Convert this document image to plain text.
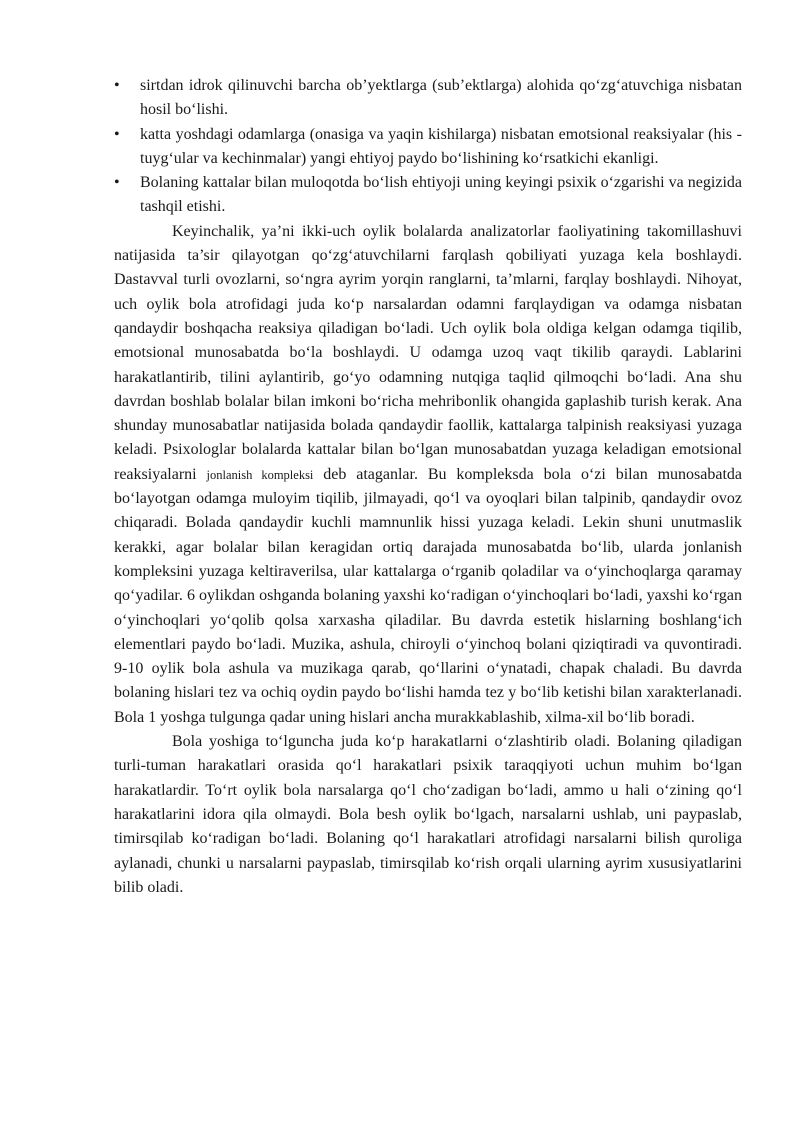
•	sirtdan idrok qilinuvchi barcha ob’yektlarga (sub’ektlarga) alohida qo‘zg‘atuvchiga nisbatan hosil bo‘lishi.
•	katta yoshdagi odamlarga (onasiga va yaqin kishilarga) nisbatan emotsional reaksiyalar (his -tuyg‘ular va kechinmalar) yangi ehtiyoj paydo bo‘lishining ko‘rsatkichi ekanligi.
•	Bolaning kattalar bilan muloqotda bo‘lish ehtiyoji uning keyingi psixik o‘zgarishi va negizida tashqil etishi.

Keyinchalik, ya’ni ikki-uch oylik bolalarda analizatorlar faoliyatining takomillashuvi natijasida ta’sir qilayotgan qo‘zg‘atuvchilarni farqlash qobiliyati yuzaga kela boshlaydi. Dastavval turli ovozlarni, so‘ngra ayrim yorqin ranglarni, ta’mlarni, farqlay boshlaydi. Nihoyat, uch oylik bola atrofidagi juda ko‘p narsalardan odamni farqlaydigan va odamga nisbatan qandaydir boshqacha reaksiya qiladigan bo‘ladi. Uch oylik bola oldiga kelgan odamga tiqilib, emotsional munosabatda bo‘la boshlaydi. U odamga uzoq vaqt tikilib qaraydi. Lablarini harakatlantirib, tilini aylantirib, go‘yo odamning nutqiga taqlid qilmoqchi bo‘ladi. Ana shu davrdan boshlab bolalar bilan imkoni bo‘richa mehribonlik ohangida gaplashib turish kerak. Ana shunday munosabatlar natijasida bolada qandaydir faollik, kattalarga talpinish reaksiyasi yuzaga keladi. Psixologlar bolalarda kattalar bilan bo‘lgan munosabatdan yuzaga keladigan emotsional reaksiyalarni jonlanish kompleksi deb ataganlar. Bu kompleksda bola o‘zi bilan munosabatda bo‘layotgan odamga muloyim tiqilib, jilmayadi, qo‘l va oyoqlari bilan talpinib, qandaydir ovoz chiqaradi. Bolada qandaydir kuchli mamnunlik hissi yuzaga keladi. Lekin shuni unutmaslik kerakki, agar bolalar bilan keragidan ortiq darajada munosabatda bo‘lib, ularda jonlanish kompleksini yuzaga keltiraverilsa, ular kattalarga o‘rganib qoladilar va o‘yinchoqlarga qaramay qo‘yadilar. 6 oylikdan oshganda bolaning yaxshi ko‘radigan o‘yinchoqlari bo‘ladi, yaxshi ko‘rgan o‘yinchoqlari yo‘qolib qolsa xarxasha qiladilar. Bu davrda estetik hislarning boshlang‘ich elementlari paydo bo‘ladi. Muzika, ashula, chiroyli o‘yinchoq bolani qiziqtiradi va quvontiradi. 9-10 oylik bola ashula va muzikaga qarab, qo‘llarini o‘ynatadi, chapak chaladi. Bu davrda bolaning hislari tez va ochiq oydin paydo bo‘lishi hamda tez y bo‘lib ketishi bilan xarakterlanadi. Bola 1 yoshga tulgunga qadar uning hislari ancha murakkablashib, xilma-xil bo‘lib boradi.

Bola yoshiga to‘lguncha juda ko‘p harakatlarni o‘zlashtirib oladi. Bolaning qiladigan turli-tuman harakatlari orasida qo‘l harakatlari psixik taraqqiyoti uchun muhim bo‘lgan harakatlardir. To‘rt oylik bola narsalarga qo‘l cho‘zadigan bo‘ladi, ammo u hali o‘zining qo‘l harakatlarini idora qila olmaydi. Bola besh oylik bo‘lgach, narsalarni ushlab, uni paypaslab, timirsqilab ko‘radigan bo‘ladi. Bolaning qo‘l harakatlari atrofidagi narsalarni bilish quroliga aylanadi, chunki u narsalarni paypaslab, timirsqilab ko‘rish orqali ularning ayrim xususiyatlarini bilib oladi.
